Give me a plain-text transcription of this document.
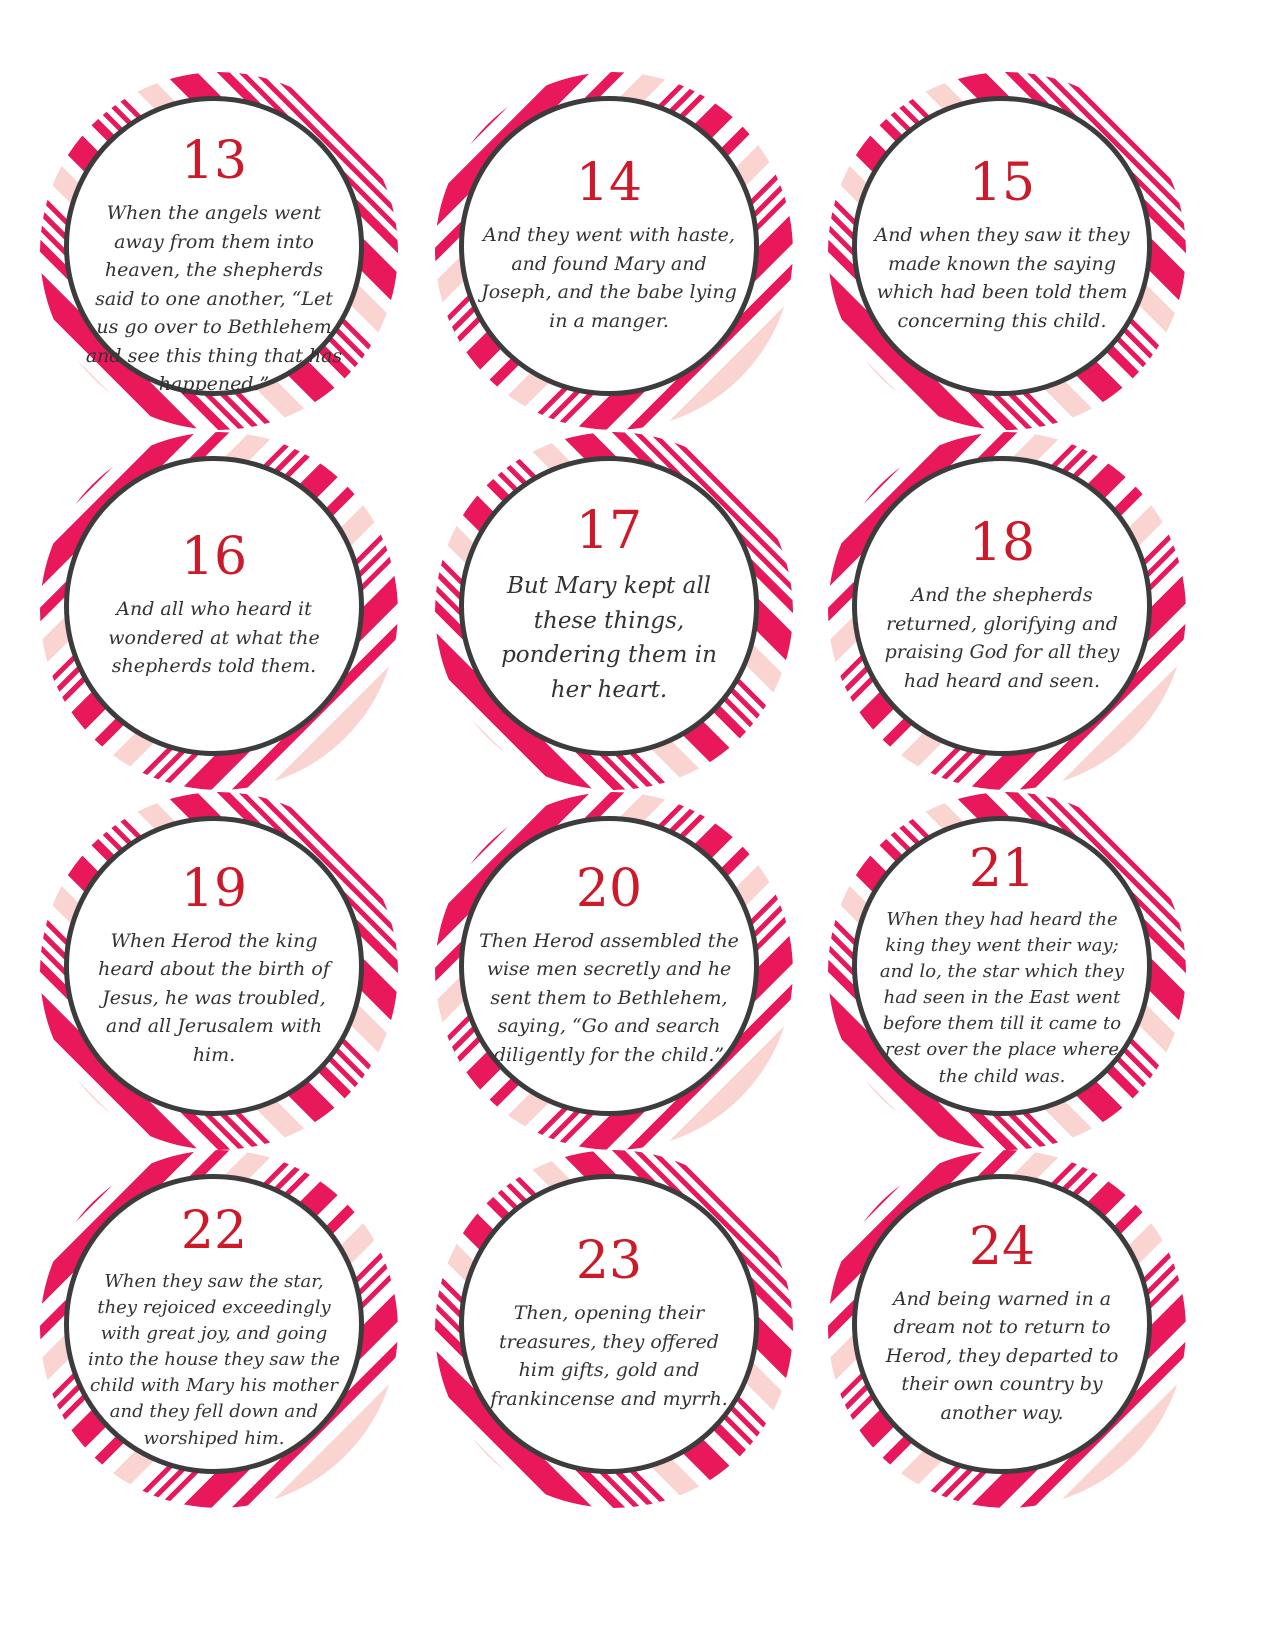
13

When the angels went away from them into heaven, the shepherds said to one another, “Let us go over to Bethlehem and see this thing that has happened.”

14

And they went with haste, and found Mary and Joseph, and the babe lying in a manger.

15

And when they saw it they made known the saying which had been told them concerning this child.

16

And all who heard it wondered at what the shepherds told them.

17

But Mary kept all these things, pondering them in her heart.

18

And the shepherds returned, glorifying and praising God for all they had heard and seen.

19

When Herod the king heard about the birth of Jesus, he was troubled, and all Jerusalem with him.

20

Then Herod assembled the wise men secretly and he sent them to Bethlehem, saying, “Go and search diligently for the child.”

21

When they had heard the king they went their way; and lo, the star which they had seen in the East went before them till it came to rest over the place where the child was.

22

When they saw the star, they rejoiced exceedingly with great joy, and going into the house they saw the child with Mary his mother and they fell down and worshiped him.

23

Then, opening their treasures, they offered him gifts, gold and frankincense and myrrh.

24

And being warned in a dream not to return to Herod, they departed to their own country by another way.
